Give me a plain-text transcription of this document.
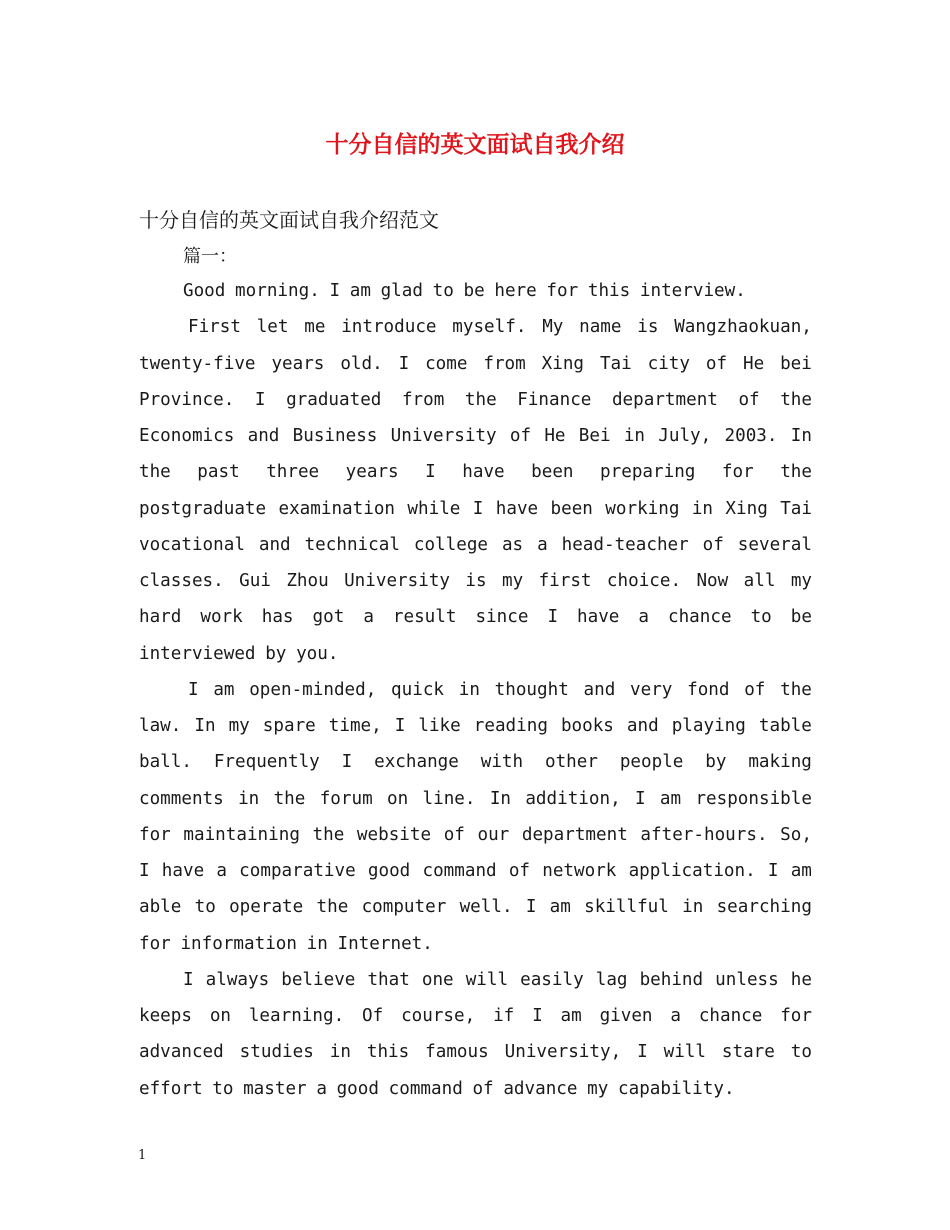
十分自信的英文面试自我介绍
十分自信的英文面试自我介绍范文
篇一：
Good morning. I am glad to be here for this interview.
First let me introduce myself. My name is Wangzhaokuan,
twenty-five years old. I come from Xing Tai city of He bei
Province. I graduated from the Finance department of the
Economics and Business University of He Bei in July, 2003. In
the past three years I have been preparing for the
postgraduate examination while I have been working in Xing Tai
vocational and technical college as a head-teacher of several
classes. Gui Zhou University is my first choice. Now all my
hard work has got a result since I have a chance to be
interviewed by you.
I am open-minded, quick in thought and very fond of the
law. In my spare time, I like reading books and playing table
ball. Frequently I exchange with other people by making
comments in the forum on line. In addition, I am responsible
for maintaining the website of our department after-hours. So,
I have a comparative good command of network application. I am
able to operate the computer well. I am skillful in searching
for information in Internet.
I always believe that one will easily lag behind unless he
keeps on learning. Of course, if I am given a chance for
advanced studies in this famous University, I will stare to
effort to master a good command of advance my capability.
1
